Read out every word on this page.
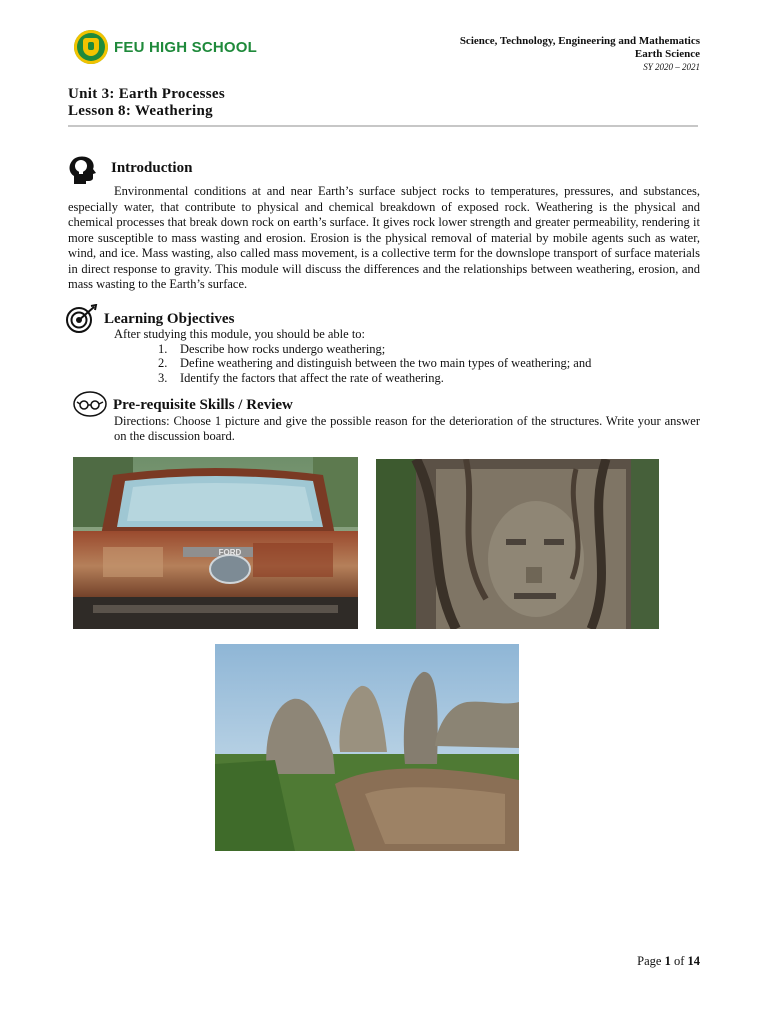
FEU HIGH SCHOOL	Science, Technology, Engineering and Mathematics
Earth Science
SY 2020 – 2021
Unit 3: Earth Processes
Lesson 8: Weathering
Introduction
Environmental conditions at and near Earth’s surface subject rocks to temperatures, pressures, and substances, especially water, that contribute to physical and chemical breakdown of exposed rock. Weathering is the physical and chemical processes that break down rock on earth’s surface. It gives rock lower strength and greater permeability, rendering it more susceptible to mass wasting and erosion. Erosion is the physical removal of material by mobile agents such as water, wind, and ice. Mass wasting, also called mass movement, is a collective term for the downslope transport of surface materials in direct response to gravity. This module will discuss the differences and the relationships between weathering, erosion, and mass wasting to the Earth’s surface.
Learning Objectives
After studying this module, you should be able to:
1. Describe how rocks undergo weathering;
2. Define weathering and distinguish between the two main types of weathering; and
3. Identify the factors that affect the rate of weathering.
Pre-requisite Skills / Review
Directions: Choose 1 picture and give the possible reason for the deterioration of the structures. Write your answer on the discussion board.
FORD
Page 1 of 14
